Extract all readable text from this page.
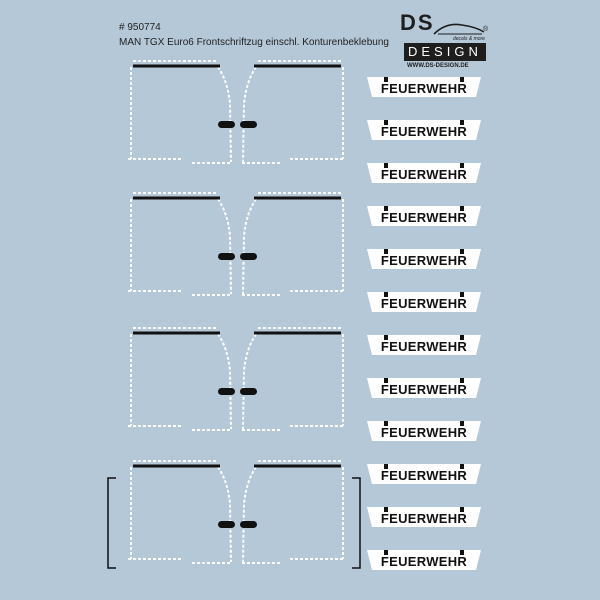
# 950774
MAN TGX Euro6 Frontschriftzug einschl. Konturenbeklebung
DS	®
decals & more
DESIGN
WWW.DS-DESIGN.DE
FEUERWEHR
FEUERWEHR
FEUERWEHR
FEUERWEHR
FEUERWEHR
FEUERWEHR
FEUERWEHR
FEUERWEHR
FEUERWEHR
FEUERWEHR
FEUERWEHR
FEUERWEHR
